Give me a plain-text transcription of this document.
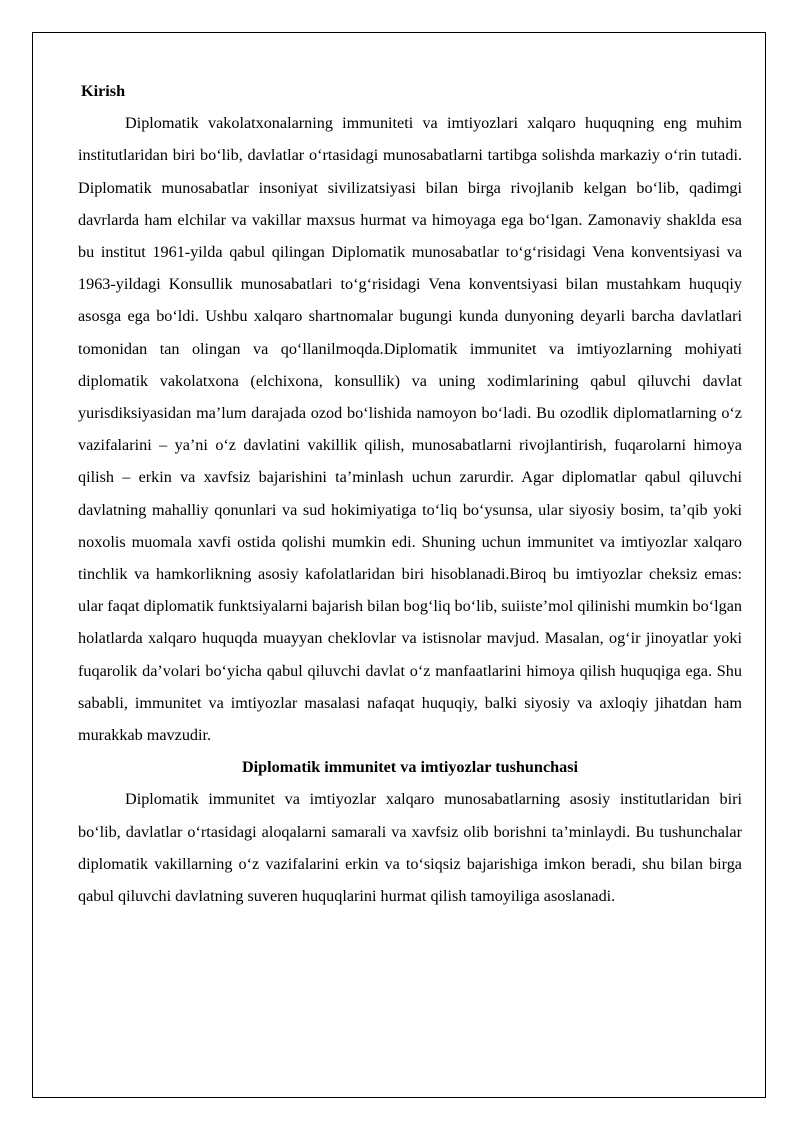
Kirish

Diplomatik vakolatxonalarning immuniteti va imtiyozlari xalqaro huquqning eng muhim institutlaridan biri bo‘lib, davlatlar o‘rtasidagi munosabatlarni tartibga solishda markaziy o‘rin tutadi. Diplomatik munosabatlar insoniyat sivilizatsiyasi bilan birga rivojlanib kelgan bo‘lib, qadimgi davrlarda ham elchilar va vakillar maxsus hurmat va himoyaga ega bo‘lgan. Zamonaviy shaklda esa bu institut 1961-yilda qabul qilingan Diplomatik munosabatlar to‘g‘risidagi Vena konventsiyasi va 1963-yildagi Konsullik munosabatlari to‘g‘risidagi Vena konventsiyasi bilan mustahkam huquqiy asosga ega bo‘ldi. Ushbu xalqaro shartnomalar bugungi kunda dunyoning deyarli barcha davlatlari tomonidan tan olingan va qo‘llanilmoqda.Diplomatik immunitet va imtiyozlarning mohiyati diplomatik vakolatxona (elchixona, konsullik) va uning xodimlarining qabul qiluvchi davlat yurisdiksiyasidan ma’lum darajada ozod bo‘lishida namoyon bo‘ladi. Bu ozodlik diplomatlarning o‘z vazifalarini – ya’ni o‘z davlatini vakillik qilish, munosabatlarni rivojlantirish, fuqarolarni himoya qilish – erkin va xavfsiz bajarishini ta’minlash uchun zarurdir. Agar diplomatlar qabul qiluvchi davlatning mahalliy qonunlari va sud hokimiyatiga to‘liq bo‘ysunsa, ular siyosiy bosim, ta’qib yoki noxolis muomala xavfi ostida qolishi mumkin edi. Shuning uchun immunitet va imtiyozlar xalqaro tinchlik va hamkorlikning asosiy kafolatlaridan biri hisoblanadi.Biroq bu imtiyozlar cheksiz emas: ular faqat diplomatik funktsiyalarni bajarish bilan bog‘liq bo‘lib, suiiste’mol qilinishi mumkin bo‘lgan holatlarda xalqaro huquqda muayyan cheklovlar va istisnolar mavjud. Masalan, og‘ir jinoyatlar yoki fuqarolik da’volari bo‘yicha qabul qiluvchi davlat o‘z manfaatlarini himoya qilish huquqiga ega. Shu sababli, immunitet va imtiyozlar masalasi nafaqat huquqiy, balki siyosiy va axloqiy jihatdan ham murakkab mavzudir.

Diplomatik immunitet va imtiyozlar tushunchasi

Diplomatik immunitet va imtiyozlar xalqaro munosabatlarning asosiy institutlaridan biri bo‘lib, davlatlar o‘rtasidagi aloqalarni samarali va xavfsiz olib borishni ta’minlaydi. Bu tushunchalar diplomatik vakillarning o‘z vazifalarini erkin va to‘siqsiz bajarishiga imkon beradi, shu bilan birga qabul qiluvchi davlatning suveren huquqlarini hurmat qilish tamoyiliga asoslanadi.
